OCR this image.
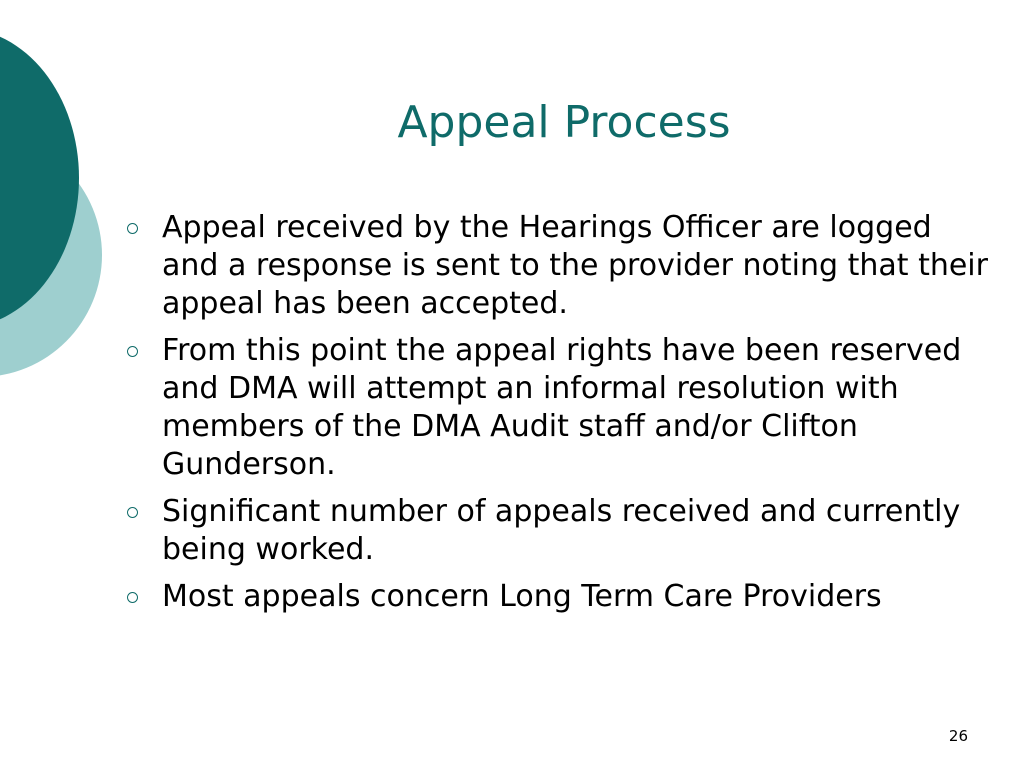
Appeal Process
Appeal received by the Hearings Officer are logged and a response is sent to the provider noting that their appeal has been accepted.
From this point the appeal rights have been reserved and DMA will attempt an informal resolution with members of the DMA Audit staff and/or Clifton Gunderson.
Significant number of appeals received and currently being worked.
Most appeals concern Long Term Care Providers
26
